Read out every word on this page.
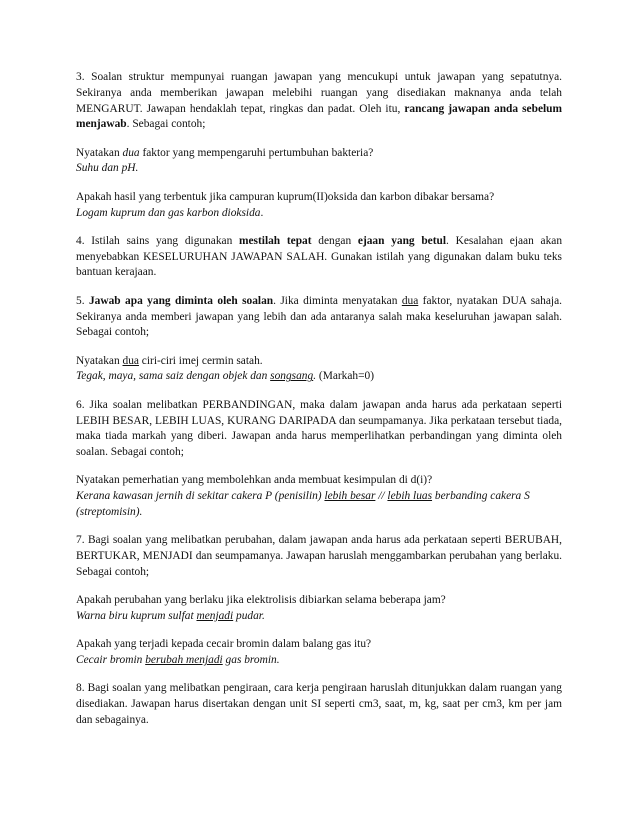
3. Soalan struktur mempunyai ruangan jawapan yang mencukupi untuk jawapan yang sepatutnya. Sekiranya anda memberikan jawapan melebihi ruangan yang disediakan maknanya anda telah MENGARUT. Jawapan hendaklah tepat, ringkas dan padat. Oleh itu, rancang jawapan anda sebelum menjawab. Sebagai contoh;

Nyatakan dua faktor yang mempengaruhi pertumbuhan bakteria?
Suhu dan pH.
Apakah hasil yang terbentuk jika campuran kuprum(II)oksida dan karbon dibakar bersama?
Logam kuprum dan gas karbon dioksida.

4. Istilah sains yang digunakan mestilah tepat dengan ejaan yang betul. Kesalahan ejaan akan menyebabkan KESELURUHAN JAWAPAN SALAH. Gunakan istilah yang digunakan dalam buku teks bantuan kerajaan.

5. Jawab apa yang diminta oleh soalan. Jika diminta menyatakan dua faktor, nyatakan DUA sahaja. Sekiranya anda memberi jawapan yang lebih dan ada antaranya salah maka keseluruhan jawapan salah. Sebagai contoh;

Nyatakan dua ciri-ciri imej cermin satah.
Tegak, maya, sama saiz dengan objek dan songsang. (Markah=0)

6. Jika soalan melibatkan PERBANDINGAN, maka dalam jawapan anda harus ada perkataan seperti LEBIH BESAR, LEBIH LUAS, KURANG DARIPADA dan seumpamanya. Jika perkataan tersebut tiada, maka tiada markah yang diberi. Jawapan anda harus memperlihatkan perbandingan yang diminta oleh soalan. Sebagai contoh;

Nyatakan pemerhatian yang membolehkan anda membuat kesimpulan di d(i)?
Kerana kawasan jernih di sekitar cakera P (penisilin) lebih besar // lebih luas berbanding cakera S (streptomisin).

7. Bagi soalan yang melibatkan perubahan, dalam jawapan anda harus ada perkataan seperti BERUBAH, BERTUKAR, MENJADI dan seumpamanya. Jawapan haruslah menggambarkan perubahan yang berlaku. Sebagai contoh;

Apakah perubahan yang berlaku jika elektrolisis dibiarkan selama beberapa jam?
Warna biru kuprum sulfat menjadi pudar.
Apakah yang terjadi kepada cecair bromin dalam balang gas itu?
Cecair bromin berubah menjadi gas bromin.

8. Bagi soalan yang melibatkan pengiraan, cara kerja pengiraan haruslah ditunjukkan dalam ruangan yang disediakan. Jawapan harus disertakan dengan unit SI seperti cm3, saat, m, kg, saat per cm3, km per jam dan sebagainya.
